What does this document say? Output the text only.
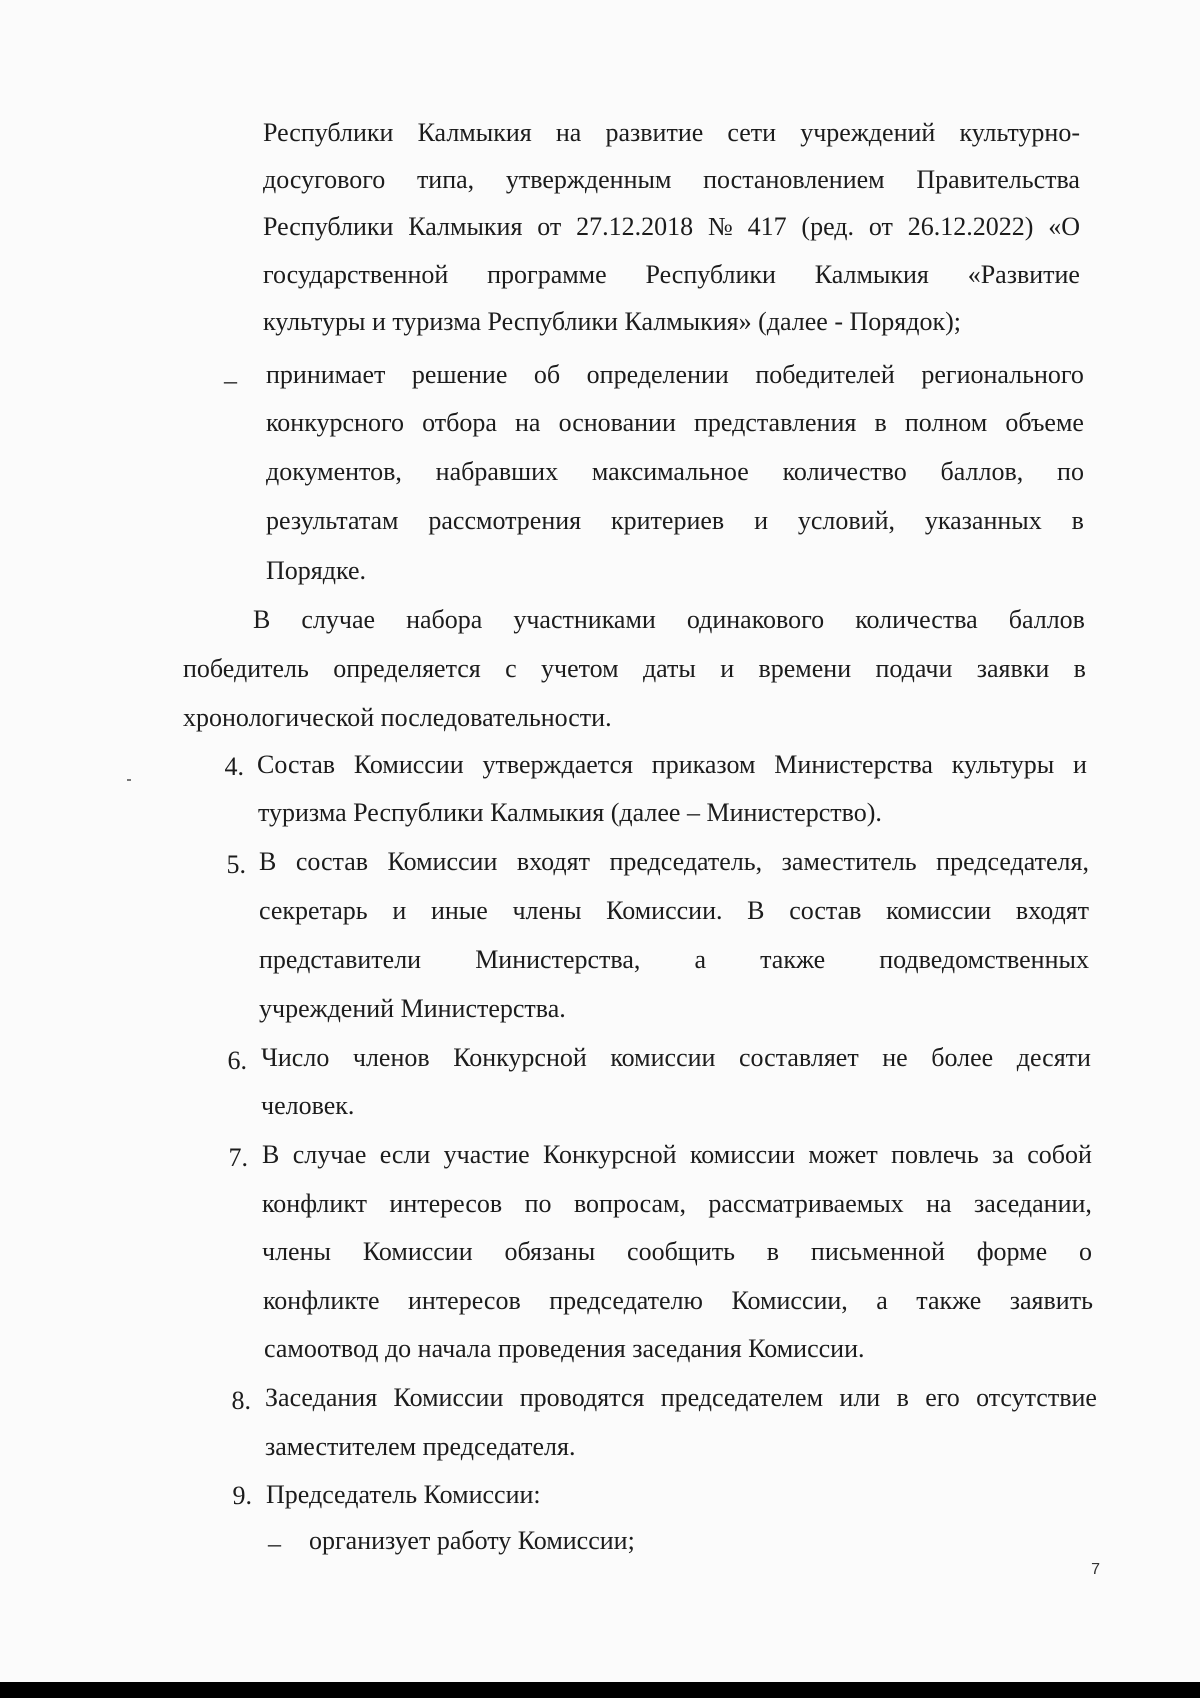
Республики Калмыкия на развитие сети учреждений культурно-
досугового типа, утвержденным постановлением Правительства
Республики Калмыкия от 27.12.2018 № 417 (ред. от 26.12.2022) «О
государственной программе Республики Калмыкия «Развитие
культуры и туризма Республики Калмыкия» (далее - Порядок);
– принимает решение об определении победителей регионального
конкурсного отбора на основании представления в полном объеме
документов, набравших максимальное количество баллов, по
результатам рассмотрения критериев и условий, указанных в
Порядке.
В случае набора участниками одинакового количества баллов
победитель определяется с учетом даты и времени подачи заявки в
хронологической последовательности.
4. Состав Комиссии утверждается приказом Министерства культуры и
туризма Республики Калмыкия (далее – Министерство).
5. В состав Комиссии входят председатель, заместитель председателя,
секретарь и иные члены Комиссии. В состав комиссии входят
представители Министерства, а также подведомственных
учреждений Министерства.
6. Число членов Конкурсной комиссии составляет не более десяти
человек.
7. В случае если участие Конкурсной комиссии может повлечь за собой
конфликт интересов по вопросам, рассматриваемых на заседании,
члены Комиссии обязаны сообщить в письменной форме о
конфликте интересов председателю Комиссии, а также заявить
самоотвод до начала проведения заседания Комиссии.
8. Заседания Комиссии проводятся председателем или в его отсутствие
заместителем председателя.
9. Председатель Комиссии:
– организует работу Комиссии;
7
